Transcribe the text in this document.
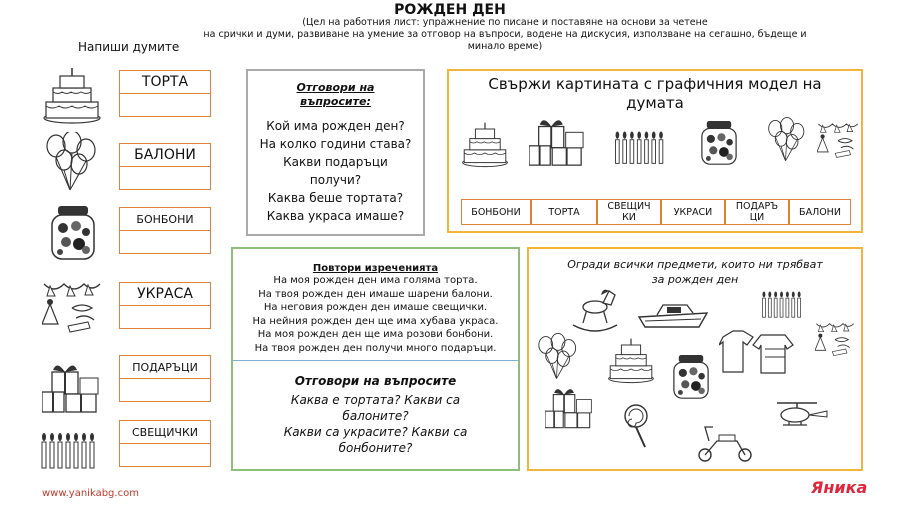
РОЖДЕН ДЕН
(Цел на работния лист: упражнение по писане и поставяне на основи за четене
на срички и думи, развиване на умение за отговор на въпроси, водене на дискусия, използване на сегашно, бъдеще и
минало време)
Напиши думите
ТОРТА
БАЛОНИ
БОНБОНИ
УКРАСА
ПОДАРЪЦИ
СВЕЩИЧКИ
Отговори на
въпросите:
Кой има рожден ден?
На колко години става?
Какви подаръци
получи?
Каква беше тортата?
Каква украса имаше?
Свържи картината с графичния модел на
думата
БОНБОНИ	ТОРТА	СВЕЩИЧ
КИ	УКРАСИ	ПОДАРЪ
ЦИ	БАЛОНИ
Повтори изреченията
На моя рожден ден има голяма торта.
На твоя рожден ден имаше шарени балони.
На неговия рожден ден имаше свещички.
На нейния рожден ден ще има хубава украса.
На моя рожден ден ще има розови бонбони.
На твоя рожден ден получи много подаръци.
Отговори на въпросите
Каква е тортата? Какви са
балоните?
Какви са украсите? Какви са
бонбоните?
Огради всички предмети, които ни трябват
за рожден ден
www.yanikabg.com	Яника
